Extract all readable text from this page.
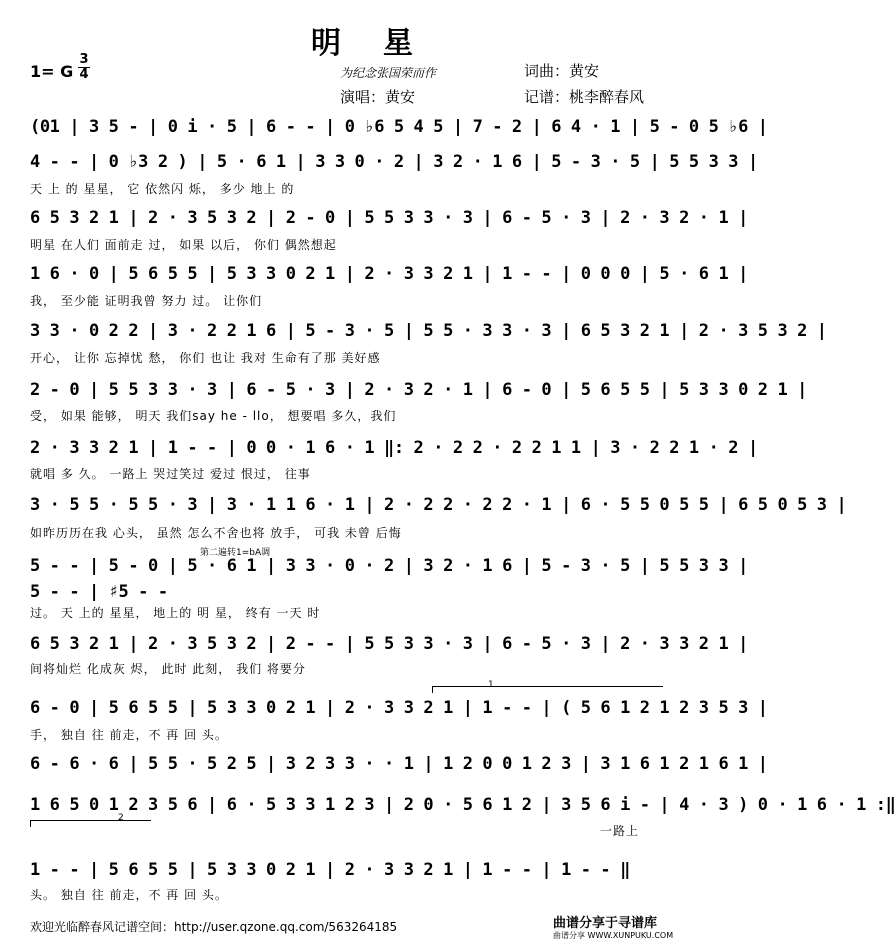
明　星
1= G
3
4	为纪念张国荣而作	词曲：黄安
演唱：黄安	记谱：桃李醉春风
(01 | 3 5 - | 0 i · 5 | 6 - - | 0 ♭6 5 4 5 | 7 - 2 | 6 4 · 1 | 5 - 0 5 ♭6 |
4 - - | 0 ♭3 2 ) | 5 · 6 1 | 3 3 0 · 2 | 3 2 · 1 6 | 5 - 3 · 5 | 5 5 3 3 |
天 上 的 星星， 它 依然闪 烁， 多少 地上 的
6 5 3 2 1 | 2 · 3 5 3 2 | 2 - 0 | 5 5 3 3 · 3 | 6 - 5 · 3 | 2 · 3 2 · 1 |
明星 在人们 面前走 过， 如果 以后， 你们 偶然想起
1 6 · 0 | 5 6 5 5 | 5 3 3 0 2 1 | 2 · 3 3 2 1 | 1 - - | 0 0 0 | 5 · 6 1 |
我， 至少能 证明我曾 努力 过。 让你们
3 3 · 0 2 2 | 3 · 2 2 1 6 | 5 - 3 · 5 | 5 5 · 3 3 · 3 | 6 5 3 2 1 | 2 · 3 5 3 2 |
开心， 让你 忘掉忧 愁， 你们 也让 我对 生命有了那 美好感
2 - 0 | 5 5 3 3 · 3 | 6 - 5 · 3 | 2 · 3 2 · 1 | 6 - 0 | 5 6 5 5 | 5 3 3 0 2 1 |
受， 如果 能够， 明天 我们say he - llo， 想要唱 多久，我们
2 · 3 3 2 1 | 1 - - | 0 0 · 1 6 · 1 ‖: 2 · 2 2 · 2 2 1 1 | 3 · 2 2 1 · 2 |
就唱 多 久。 一路上 哭过笑过 爱过 恨过， 往事
3 · 5 5 · 5 5 · 3 | 3 · 1 1 6 · 1 | 2 · 2 2 · 2 2 · 1 | 6 · 5 5 0 5 5 | 6 5 0 5 3 |
如昨历历在我 心头， 虽然 怎么不舍也将 放手， 可我 未曾 后悔
第二遍转1=bA调
5 - - | 5 - 0 | 5 · 6 1 | 3 3 · 0 · 2 | 3 2 · 1 6 | 5 - 3 · 5 | 5 5 3 3 |
5 - - | ♯5 - -
过。 天 上的 星星， 地上的 明 星， 终有 一天 时
6 5 3 2 1 | 2 · 3 5 3 2 | 2 - - | 5 5 3 3 · 3 | 6 - 5 · 3 | 2 · 3 3 2 1 |
间将灿烂 化成灰 烬， 此时 此刻， 我们 将要分
1
6 - 0 | 5 6 5 5 | 5 3 3 0 2 1 | 2 · 3 3 2 1 | 1 - - | ( 5 6 1 2 1 2 3 5 3 |
手， 独自 往 前走，不 再 回 头。
6 - 6 · 6 | 5 5 · 5 2 5 | 3 2 3 3 · · 1 | 1 2 0 0 1 2 3 | 3 1 6 1 2 1 6 1 |
1 6 5 0 1 2 3 5 6 | 6 · 5 3 3 1 2 3 | 2 0 · 5 6 1 2 | 3 5 6 i - | 4 · 3 ) 0 · 1 6 · 1 :‖
一路上
2
1 - - | 5 6 5 5 | 5 3 3 0 2 1 | 2 · 3 3 2 1 | 1 - - | 1 - - ‖
头。 独自 往 前走，不 再 回 头。
欢迎光临醉春风记谱空间：http://user.qzone.qq.com/563264185	曲谱分享于寻谱库
曲谱分享 WWW.XUNPUKU.COM
